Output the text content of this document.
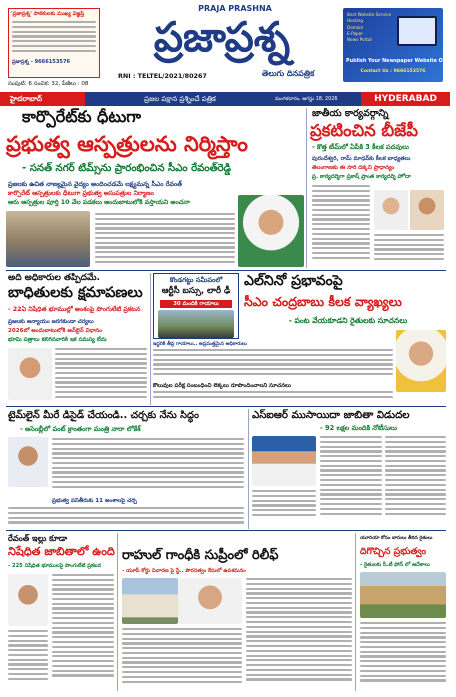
'ప్రజాప్రశ్న' పాఠకులకు ముఖ్య విజ్ఞప్తి
ప్రజాప్రశ్న - 9666153576
సంపుటి: 6 సంచిక: 32, పేజీలు : 08
PRAJA PRASHNA
ప్రజాప్రశ్న
RNI : TELTEL/2021/80267	తెలుగు దినపత్రిక
Best Website Service
Hosting
Domain
E-Paper
News Portal
Publish Your Newspaper Website Online
Contact Us : 9666153576
హైదరాబాద్	ప్రజల పక్షాన ప్రశ్నించే పత్రిక	మంగళవారం, ఆగస్టు 18, 2026	HYDERABAD
కార్పొరేట్‌కు ధీటుగా
ప్రభుత్వ ఆస్పత్రులను నిర్మిస్తాం
- సనత్ నగర్ టిమ్స్‌ను ప్రారంభించిన సీఎం రేవంత్‌రెడ్డి
ప్రజలకు ఉచిత నాణ్యమైన వైద్యం అందించడమే లక్ష్యమన్న సీఎం రేవంత్
కార్పొరేట్ ఆస్పత్రులకు ధీటుగా ప్రభుత్వ ఆసుపత్రుల నిర్మాణం
ఆరు ఆస్పత్రుల పూర్తి 10 వేల పడకలు అందుబాటులోకి వస్తాయని అంచనా
జాతీయ కార్యవర్గాన్ని
ప్రకటించిన బీజేపీ
- కొత్త టీమ్‌లో ఏపీకి 3 కీలక పదవులు
పురందేశ్వరి, రామ్ మాధవ్‌కు కీలక బాధ్యతలు
తెలంగాణకు ఈ సారి దక్కని ప్రాధాన్యం
ప్ర. కార్యదర్శిగా ప్రకాష్ ప్రాంత కార్యదర్శి హోదా
అది అధికారుల తప్పిదమే.
బాధితులకు క్షమాపణలు
- 22ఏ నిషేధిత భూముల్లో అంశంపై పొంగులేటి ప్రకటన
ప్రజలకు అన్యాయం జరగకుండా చర్యలు
2026లో అందుబాటులోకి ఆన్‌లైన్ విధానం
భూమి పత్రాలు కలిగినవారికి ఇక సమస్య లేదు
కొండగట్టు సమీపంలో
ఆర్టీసీ బస్సు, లారీ ఢీ
30 మందికి గాయాలు
ఎల్‌నినో ప్రభావంపై
సీఎం చంద్రబాబు కీలక వ్యాఖ్యలు
- పంట వేయకూడని రైతులకు సూచనలు
ఇద్దరికి తీవ్ర గాయాలు.. అప్రమత్తమైన అధికారులు
కొలువుల పరీక్ష సంబంధించి లెక్కలు రూపొందించాలని సూచనలు
టైమ్‌లైన్ మీరే డిసైడ్ చేయండి.. చర్చకు నేను సిద్ధం
- అసెంబ్లీలో పంట్ క్రాంతంగా మంత్రి నారా లోకేశ్
ప్రభుత్వ పనితీరుకు 11 అంశాలపై చర్చ
ఎస్ఐఆర్ ముసాయిదా జాబితా విడుదల
- 92 లక్షల మందికి నోటీసులు
రేవంత్ ఇల్లు కూడా
నిషేధిత జాబితాలో ఉంది
- 225 నిషేధిత భూములపై పొంగులేటి ప్రకటన
రాహుల్ గాంధీకి సుప్రీంలో రిలీఫ్
- యూపీ కోర్టు విచారణ పై స్టే.. పౌరసత్వం కేసులో ఉపశమనం
యూరియా కోసం బారులు తీరిన రైతులు
దిగొచ్చిన ప్రభుత్వం
- రైతులకు సీ.టీ ఫోన్ లో ఆదేశాలు
